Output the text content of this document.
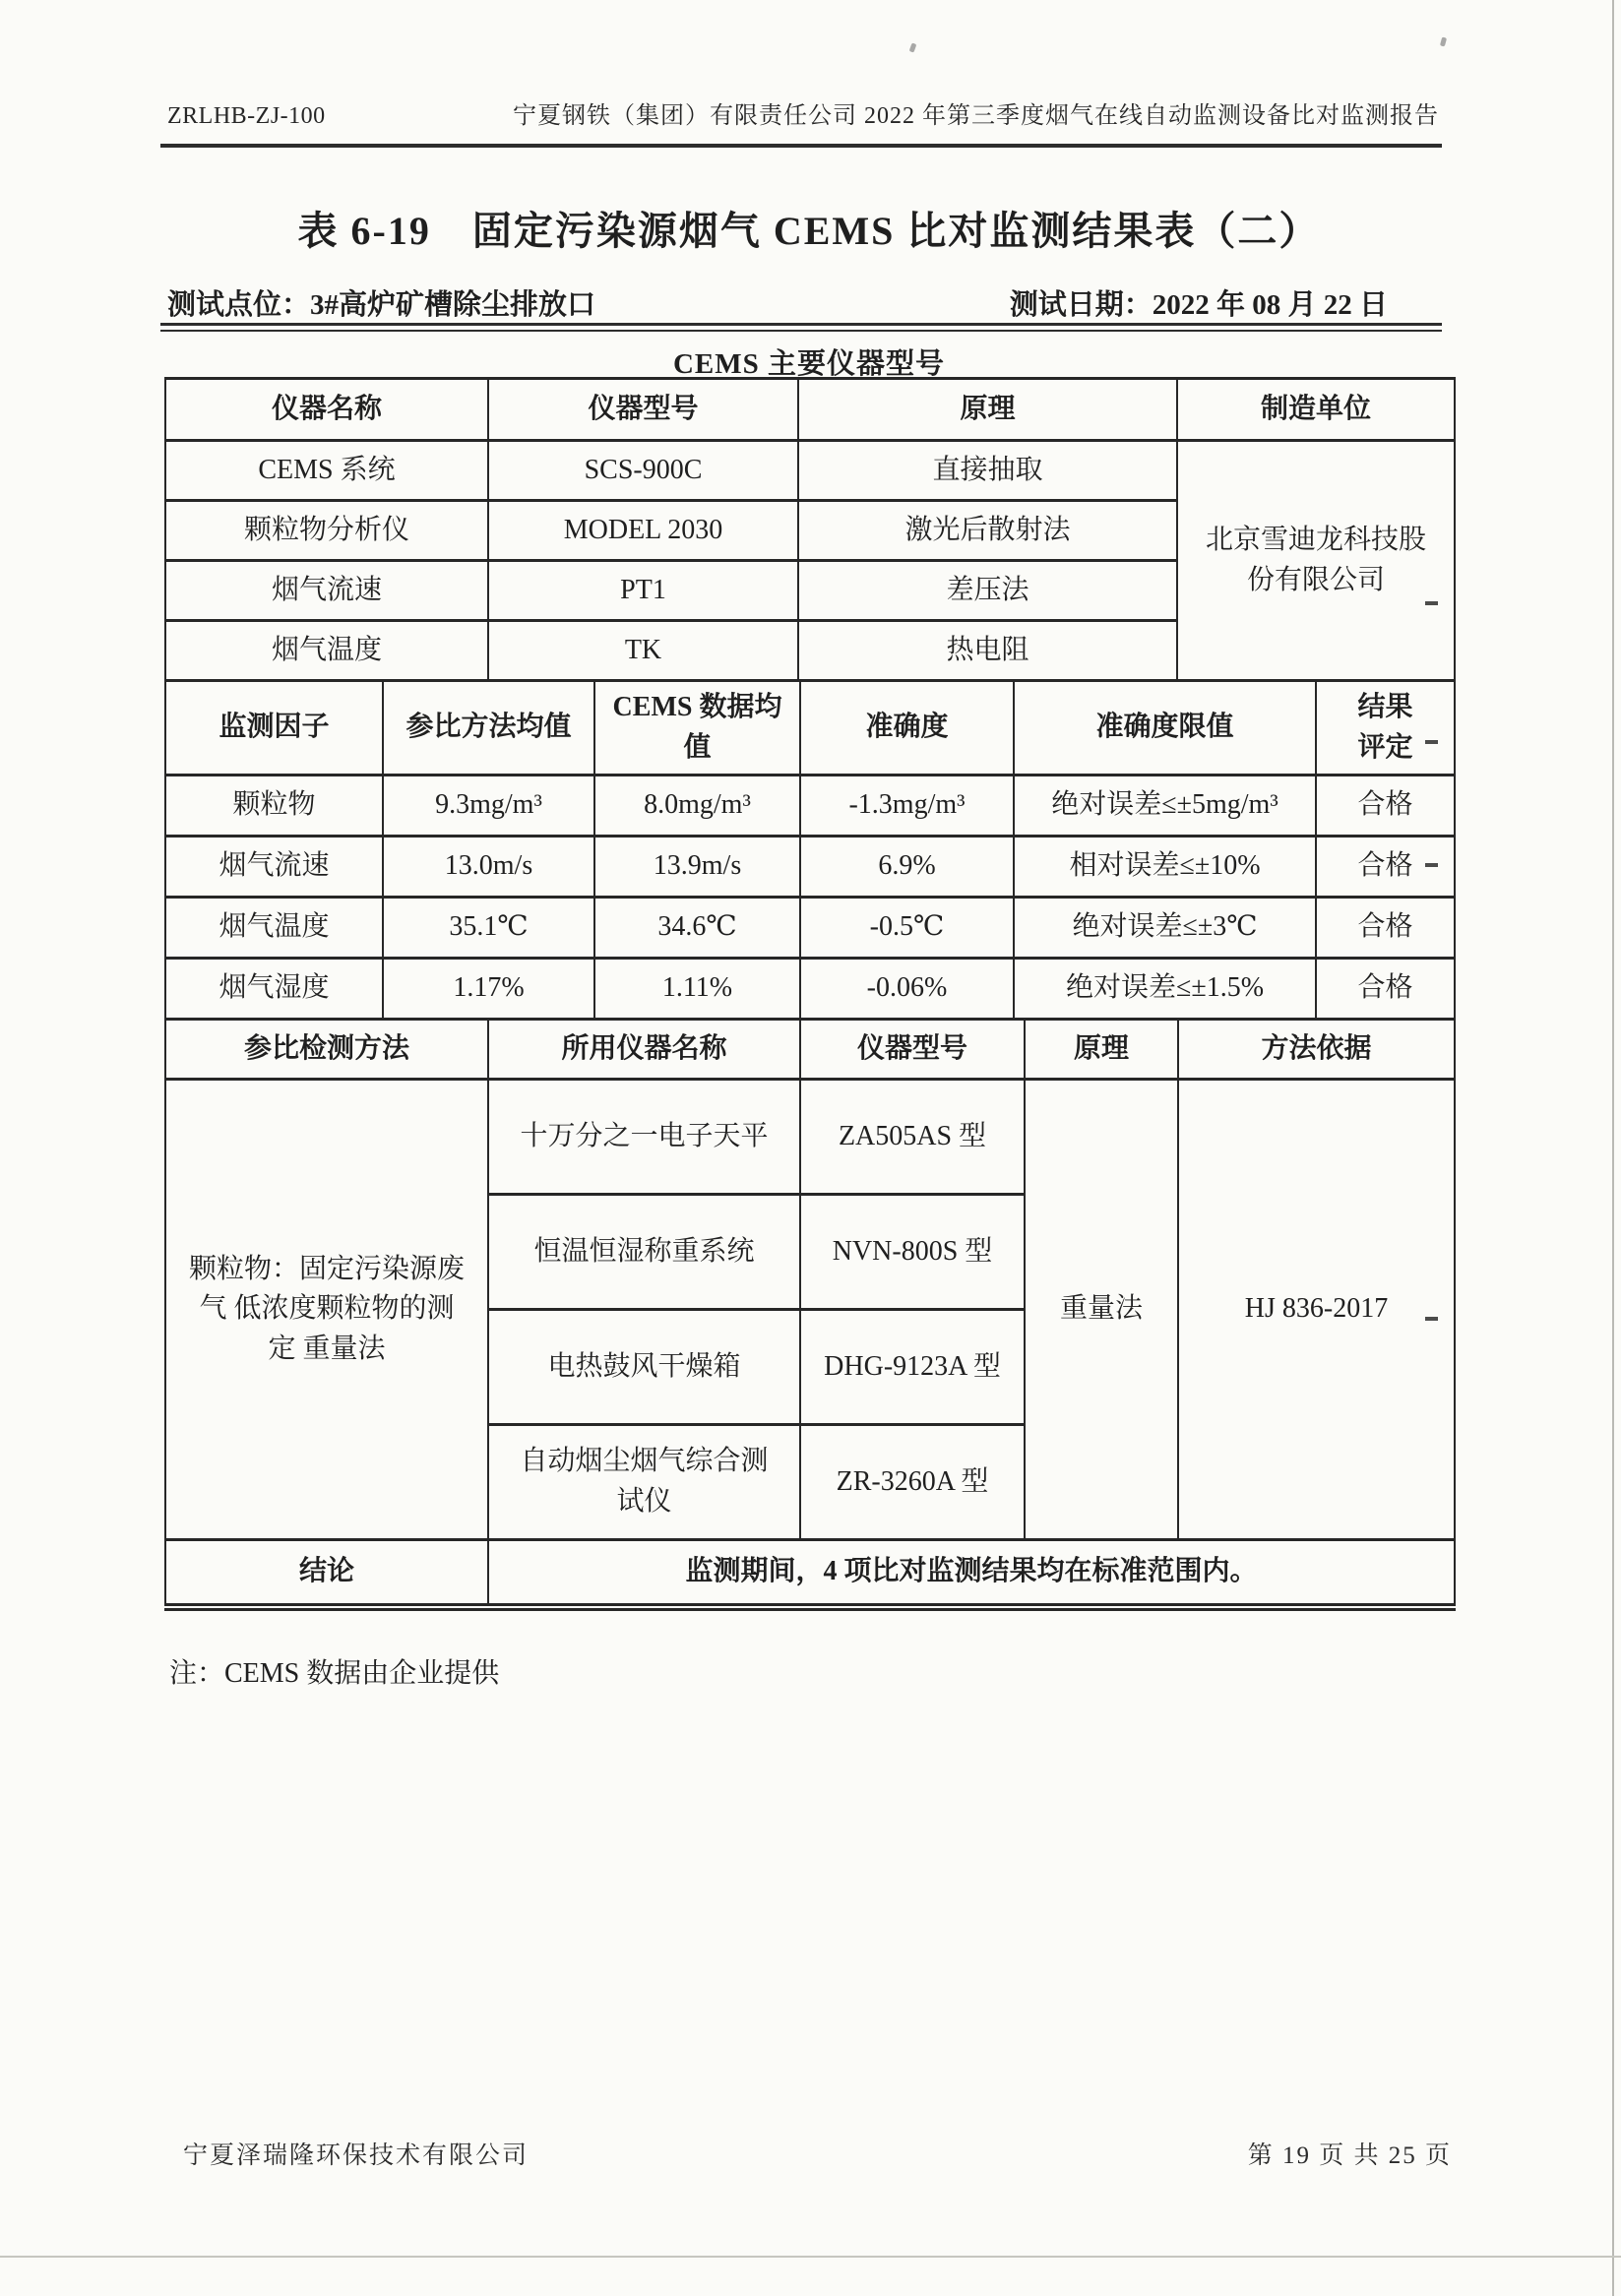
ZRLHB-ZJ-100	宁夏钢铁（集团）有限责任公司 2022 年第三季度烟气在线自动监测设备比对监测报告
表 6-19　固定污染源烟气 CEMS 比对监测结果表（二）
测试点位：3#高炉矿槽除尘排放口	测试日期：2022 年 08 月 22 日
CEMS 主要仪器型号
仪器名称	仪器型号	原理	制造单位
CEMS 系统	SCS-900C	直接抽取	北京雪迪龙科技股份有限公司
颗粒物分析仪	MODEL 2030	激光后散射法	
烟气流速	PT1	差压法	
烟气温度	TK	热电阻	
监测因子	参比方法均值	CEMS 数据均值	准确度	准确度限值	结果评定
颗粒物	9.3mg/m³	8.0mg/m³	-1.3mg/m³	绝对误差≤±5mg/m³	合格
烟气流速	13.0m/s	13.9m/s	6.9%	相对误差≤±10%	合格
烟气温度	35.1℃	34.6℃	-0.5℃	绝对误差≤±3℃	合格
烟气湿度	1.17%	1.11%	-0.06%	绝对误差≤±1.5%	合格
参比检测方法	所用仪器名称	仪器型号	原理	方法依据
颗粒物：固定污染源废气 低浓度颗粒物的测定 重量法	十万分之一电子天平	ZA505AS 型	重量法	HJ 836-2017
	恒温恒湿称重系统	NVN-800S 型		
	电热鼓风干燥箱	DHG-9123A 型		
	自动烟尘烟气综合测试仪	ZR-3260A 型		
结论	监测期间，4 项比对监测结果均在标准范围内。			
注：CEMS 数据由企业提供
宁夏泽瑞隆环保技术有限公司	第 19 页 共 25 页
